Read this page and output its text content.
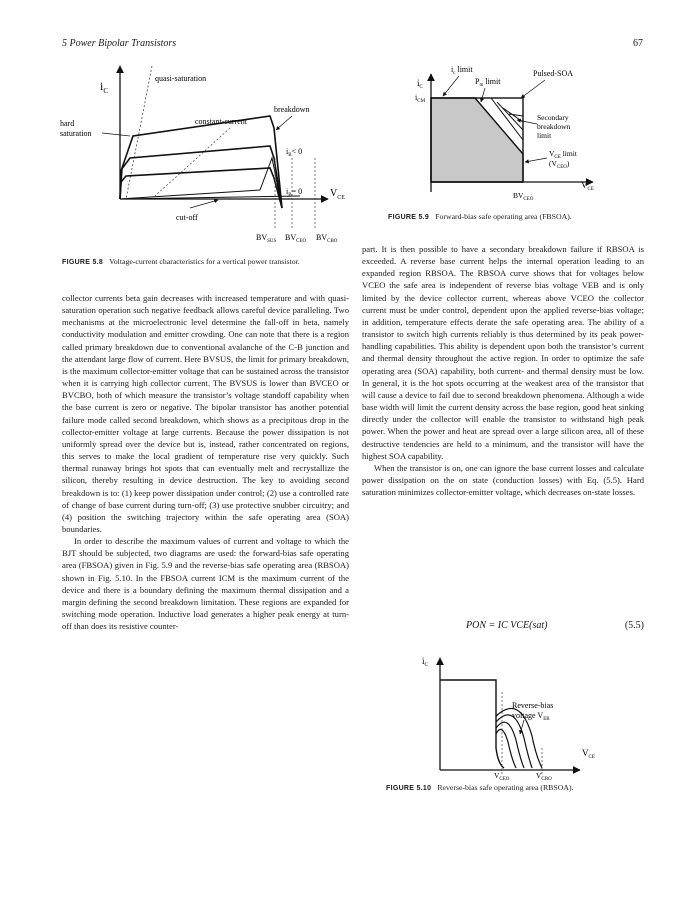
5 Power Bipolar Transistors	67
$i_C$
quasi-saturation
breakdown
hard
saturation
constant-current
$i_B< 0$
$i_B= 0$	$V_{CE}$
cut-off
$BV_{SUS}$ $BV_{CEO}$ $BV_{CBO}$
FIGURE 5.8 Voltage-current characteristics for a vertical power transistor.
$i_C$
$i_{CM}$
$i_c$ limit
$P_m$ limit
Pulsed-SOA
Secondary
breakdown
limit
$V_{CE}$ limit
$(V_{CEO})$
$V_{CE}$
$BV_{CEO}$
FIGURE 5.9 Forward-bias safe operating area (FBSOA).

collector currents beta gain decreases with increased temperature and with quasi-saturation operation such negative feedback allows careful device paralleling. Two mechanisms at the microelectronic level determine the fall-off in beta, namely conductivity modulation and emitter crowding. One can note that there is a region called primary breakdown due to conventional avalanche of the C-B junction and the attendant large flow of current. Here BVSUS, the limit for primary breakdown, is the maximum collector-emitter voltage that can be sustained across the transistor when it is carrying high collector current. The BVSUS is lower than BVCEO or BVCBO, both of which measure the transistor’s voltage standoff capability when the base current is zero or negative. The bipolar transistor has another potential failure mode called second breakdown, which shows as a precipitous drop in the collector-emitter voltage at large currents. Because the power dissipation is not uniformly spread over the device but is, instead, rather concentrated on regions, this serves to make the local gradient of temperature rise very quickly. Such thermal runaway brings hot spots that can eventually melt and recrystallize the silicon, thereby resulting in device destruction. The key to avoiding second breakdown is to: (1) keep power dissipation under control; (2) use a controlled rate of change of base current during turn-off; (3) use protective snubber circuitry; and (4) position the switching trajectory within the safe operating area (SOA) boundaries.

In order to describe the maximum values of current and voltage to which the BJT should be subjected, two diagrams are used: the forward-bias safe operating area (FBSOA) given in Fig. 5.9 and the reverse-bias safe operating area (RBSOA) shown in Fig. 5.10. In the FBSOA current ICM is the maximum current of the device and there is a boundary defining the maximum thermal dissipation and a margin defining the second breakdown limitation. These regions are expanded for switching mode operation. Inductive load generates a higher peak energy at turn-off than does its resistive counter-

part. It is then possible to have a secondary breakdown failure if RBSOA is exceeded. A reverse base current helps the internal operation leading to an expanded region RBSOA. The RBSOA curve shows that for voltages below VCEO the safe area is independent of reverse bias voltage VEB and is only limited by the device collector current, whereas above VCEO the collector current must be under control, dependent upon the applied reverse-bias voltage; in addition, temperature effects derate the safe operating area. The ability of a transistor to switch high currents reliably is thus determined by its peak power-handling capabilities. This ability is dependent upon both the transistor’s current and thermal density throughout the active region. In order to optimize the safe operating area (SOA) capability, both current- and thermal density must be low. In general, it is the hot spots occurring at the weakest area of the transistor that will cause a device to fail due to second breakdown phenomena. Although a wide base width will limit the current density across the base region, good heat sinking directly under the collector will enable the transistor to withstand high peak power. When the power and heat are spread over a large silicon area, all of these destructive tendencies are held to a minimum, and the transistor will have the highest SOA capability.

When the transistor is on, one can ignore the base current losses and calculate power dissipation on the on state (conduction losses) with Eq. (5.5). Hard saturation minimizes collector-emitter voltage, which decreases on-state losses.

PON = IC VCE(sat)	(5.5)
$i_C$
Reverse-bias
voltage $V_{EB}$
$V_{CE}$
$V_{CEO}$	$V_{CBO}$
FIGURE 5.10 Reverse-bias safe operating area (RBSOA).
